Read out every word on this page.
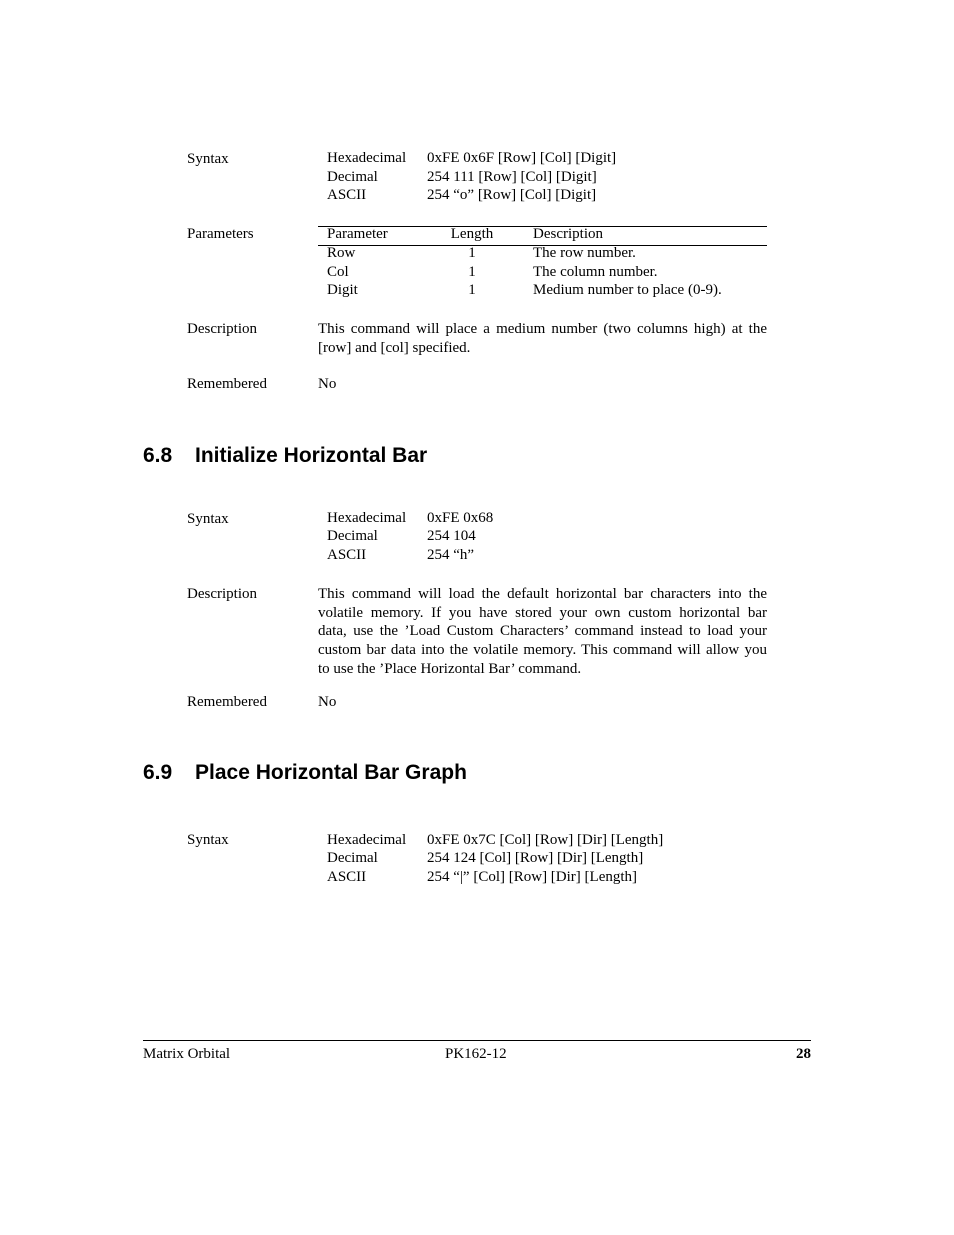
Syntax	Hexadecimal 0xFE 0x6F [Row] [Col] [Digit]
Decimal	254 111 [Row] [Col] [Digit]
ASCII	254 “o” [Row] [Col] [Digit]
Parameters	Parameter	Length	Description
Row	1	The row number.
Col	1	The column number.
Digit	1	Medium number to place (0-9).
Description	This command will place a medium number (two columns high) at the
[row] and [col] specified.
Remembered	No
6.8 Initialize Horizontal Bar
Syntax	Hexadecimal 0xFE 0x68
Decimal	254 104
ASCII	254 “h”
Description	This command will load the default horizontal bar characters into the
volatile memory. If you have stored your own custom horizontal bar
data, use the ’Load Custom Characters’ command instead to load your
custom bar data into the volatile memory. This command will allow you
to use the ’Place Horizontal Bar’ command.
Remembered	No
6.9 Place Horizontal Bar Graph
Syntax	Hexadecimal 0xFE 0x7C [Col] [Row] [Dir] [Length]
Decimal	254 124 [Col] [Row] [Dir] [Length]
ASCII	254 “|” [Col] [Row] [Dir] [Length]
Matrix Orbital	PK162-12	28
